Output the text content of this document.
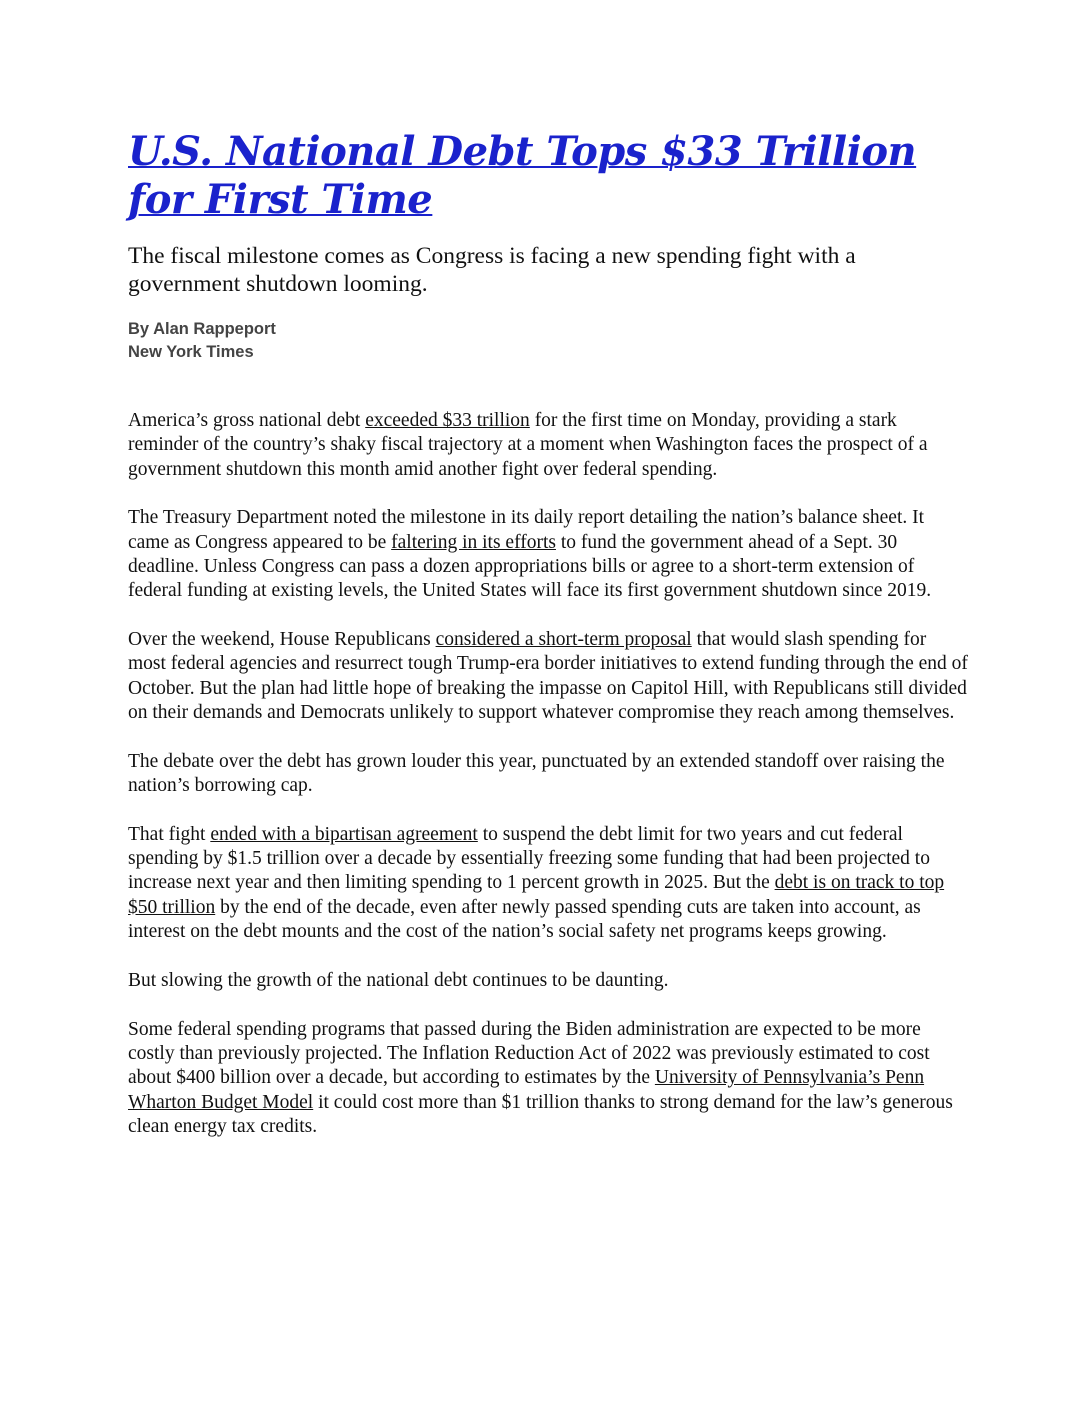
U.S. National Debt Tops $33 Trillion for First Time

The fiscal milestone comes as Congress is facing a new spending fight with a government shutdown looming.

By Alan Rappeport
New York Times

America’s gross national debt exceeded $33 trillion for the first time on Monday, providing a stark reminder of the country’s shaky fiscal trajectory at a moment when Washington faces the prospect of a government shutdown this month amid another fight over federal spending.

The Treasury Department noted the milestone in its daily report detailing the nation’s balance sheet. It came as Congress appeared to be faltering in its efforts to fund the government ahead of a Sept. 30 deadline. Unless Congress can pass a dozen appropriations bills or agree to a short-term extension of federal funding at existing levels, the United States will face its first government shutdown since 2019.

Over the weekend, House Republicans considered a short-term proposal that would slash spending for most federal agencies and resurrect tough Trump-era border initiatives to extend funding through the end of October. But the plan had little hope of breaking the impasse on Capitol Hill, with Republicans still divided on their demands and Democrats unlikely to support whatever compromise they reach among themselves.

The debate over the debt has grown louder this year, punctuated by an extended standoff over raising the nation’s borrowing cap.

That fight ended with a bipartisan agreement to suspend the debt limit for two years and cut federal spending by $1.5 trillion over a decade by essentially freezing some funding that had been projected to increase next year and then limiting spending to 1 percent growth in 2025. But the debt is on track to top $50 trillion by the end of the decade, even after newly passed spending cuts are taken into account, as interest on the debt mounts and the cost of the nation’s social safety net programs keeps growing.

But slowing the growth of the national debt continues to be daunting.

Some federal spending programs that passed during the Biden administration are expected to be more costly than previously projected. The Inflation Reduction Act of 2022 was previously estimated to cost about $400 billion over a decade, but according to estimates by the University of Pennsylvania’s Penn Wharton Budget Model it could cost more than $1 trillion thanks to strong demand for the law’s generous clean energy tax credits.
